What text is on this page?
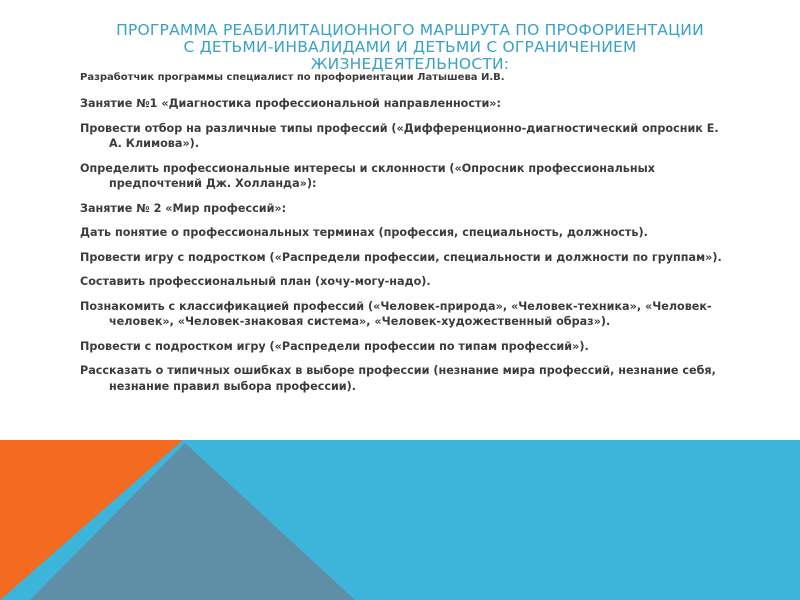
ПРОГРАММА РЕАБИЛИТАЦИОННОГО МАРШРУТА ПО ПРОФОРИЕНТАЦИИ С ДЕТЬМИ-ИНВАЛИДАМИ И ДЕТЬМИ С ОГРАНИЧЕНИЕМ ЖИЗНЕДЕЯТЕЛЬНОСТИ:

Разработчик программы специалист по профориентации Латышева И.В.

Занятие №1 «Диагностика профессиональной направленности»:

Провести отбор на различные типы профессий («Дифференционно-диагностический опросник Е. А. Климова»).

Определить профессиональные интересы и склонности («Опросник профессиональных предпочтений Дж. Холланда»):

Занятие № 2 «Мир профессий»:

Дать понятие о профессиональных терминах (профессия, специальность, должность).

Провести игру с подростком («Распредели профессии, специальности и должности по группам»).

Составить профессиональный план (хочу-могу-надо).

Познакомить с классификацией профессий («Человек-природа», «Человек-техника», «Человек-человек», «Человек-знаковая система», «Человек-художественный образ»).

Провести с подростком игру («Распредели профессии по типам профессий»).

Рассказать о типичных ошибках в выборе профессии (незнание мира профессий, незнание себя, незнание правил выбора профессии).
